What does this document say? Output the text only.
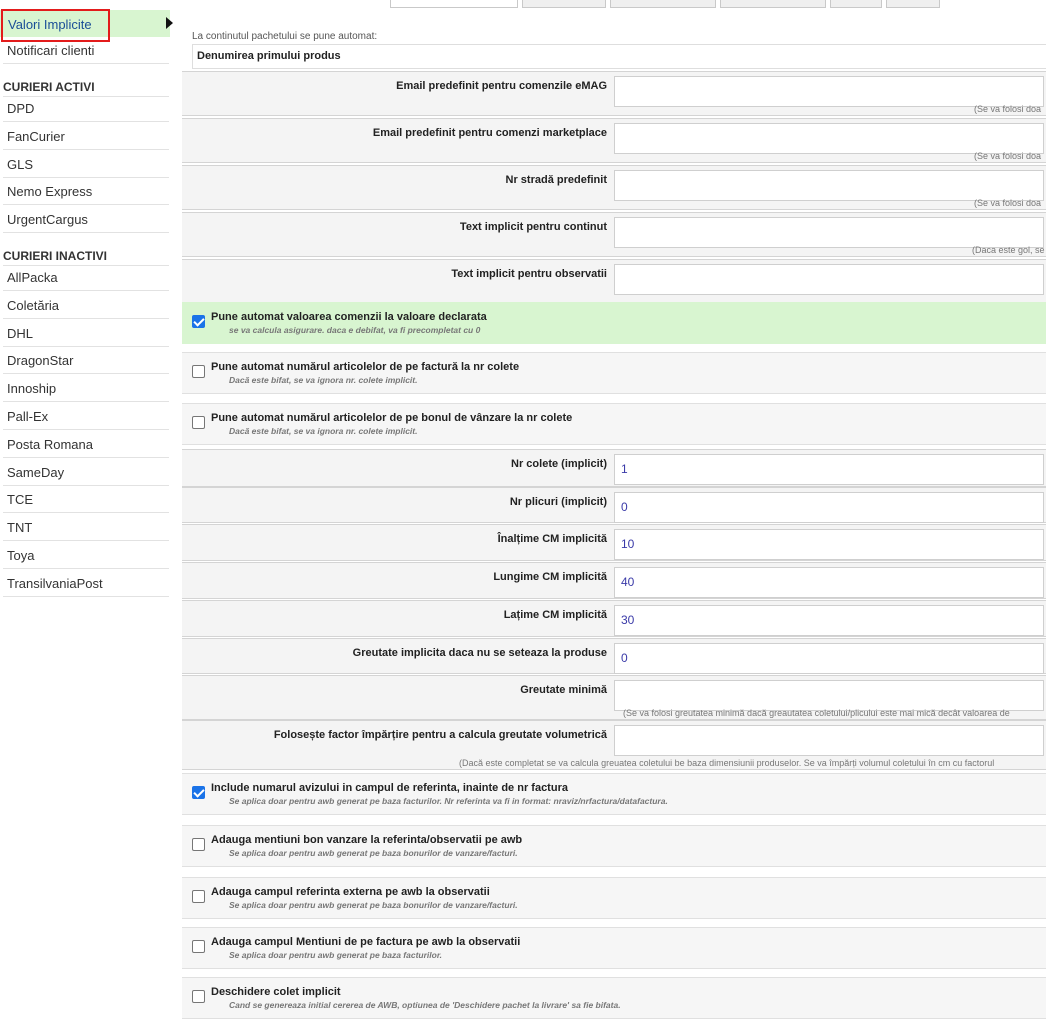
Valori Implicite
Notificari clienti
CURIERI ACTIVI
CURIERI INACTIVI
DPD
FanCurier
GLS
Nemo Express
UrgentCargus
AllPacka
Coletăria
DHL
DragonStar
Innoship
Pall-Ex
Posta Romana
SameDay
TCE
TNT
Toya
TransilvaniaPost
La continutul pachetului se pune automat:
Denumirea primului produs
Email predefinit pentru comenzile eMAG
(Se va folosi doa
Email predefinit pentru comenzi marketplace
(Se va folosi doa
Nr stradă predefinit
(Se va folosi doa
Text implicit pentru continut
(Daca este gol, se
Text implicit pentru observatii
Pune automat valoarea comenzii la valoare declarata
se va calcula asigurare. daca e debifat, va fi precompletat cu 0
Pune automat numărul articolelor de pe factură la nr colete
Dacă este bifat, se va ignora nr. colete implicit.
Pune automat numărul articolelor de pe bonul de vânzare la nr colete
Dacă este bifat, se va ignora nr. colete implicit.
Nr colete (implicit)	1
Nr plicuri (implicit)	0
Înalțime CM implicită	10
Lungime CM implicită	40
Lațime CM implicită	30
Greutate implicita daca nu se seteaza la produse	0
Greutate minimă
(Se va folosi greutatea minimă dacă greautatea coletului/plicului este mai mică decât valoarea de
Folosește factor împărțire pentru a calcula greutate volumetrică
(Dacă este completat se va calcula greuatea coletului be baza dimensiunii produselor. Se va împărți volumul coletului în cm cu factorul
Include numarul avizului in campul de referinta, inainte de nr factura
Se aplica doar pentru awb generat pe baza facturilor. Nr referinta va fi in format: nraviz/nrfactura/datafactura.
Adauga mentiuni bon vanzare la referinta/observatii pe awb
Se aplica doar pentru awb generat pe baza bonurilor de vanzare/facturi.
Adauga campul referinta externa pe awb la observatii
Se aplica doar pentru awb generat pe baza bonurilor de vanzare/facturi.
Adauga campul Mentiuni de pe factura pe awb la observatii
Se aplica doar pentru awb generat pe baza facturilor.
Deschidere colet implicit
Cand se genereaza initial cererea de AWB, optiunea de 'Deschidere pachet la livrare' sa fie bifata.
